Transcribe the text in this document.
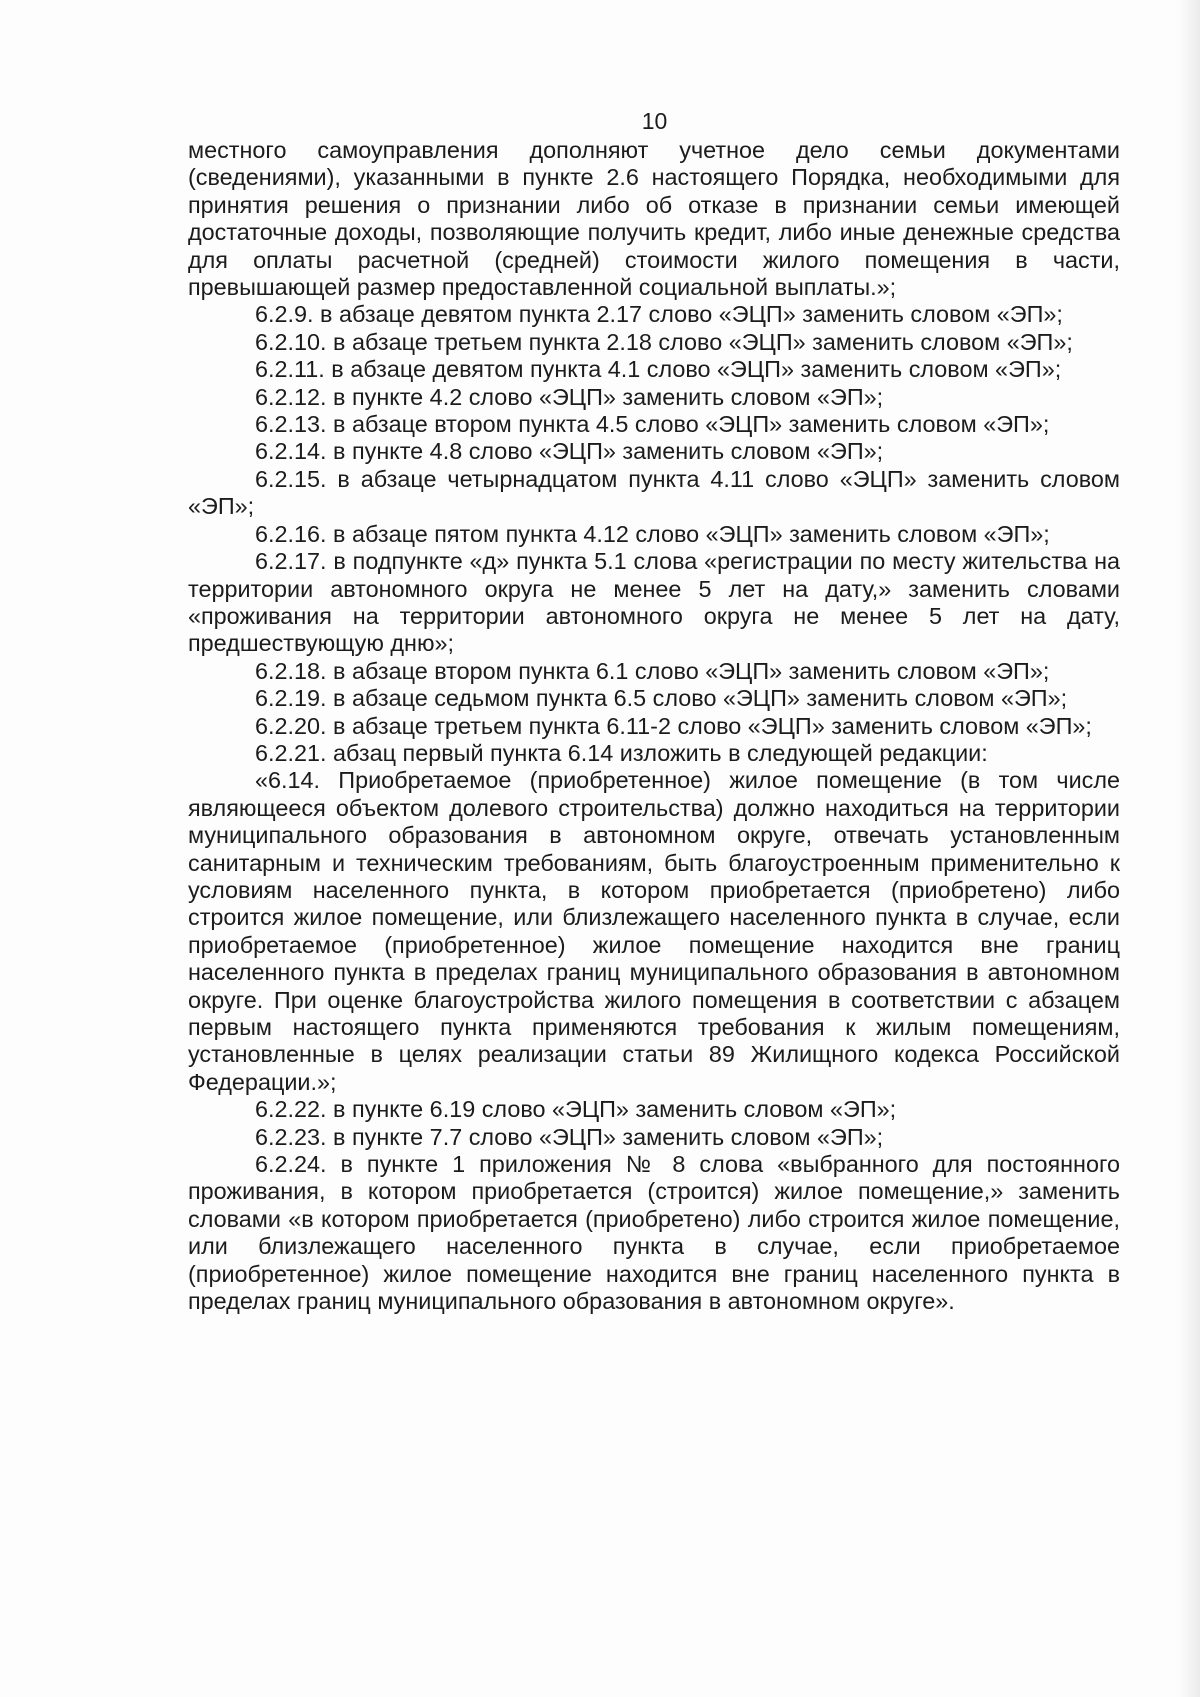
10

местного самоуправления дополняют учетное дело семьи документами (сведениями), указанными в пункте 2.6 настоящего Порядка, необходимыми для принятия решения о признании либо об отказе в признании семьи имеющей достаточные доходы, позволяющие получить кредит, либо иные денежные средства для оплаты расчетной (средней) стоимости жилого помещения в части, превышающей размер предоставленной социальной выплаты.»;

6.2.9. в абзаце девятом пункта 2.17 слово «ЭЦП» заменить словом «ЭП»;

6.2.10. в абзаце третьем пункта 2.18 слово «ЭЦП» заменить словом «ЭП»;

6.2.11. в абзаце девятом пункта 4.1 слово «ЭЦП» заменить словом «ЭП»;

6.2.12. в пункте 4.2 слово «ЭЦП» заменить словом «ЭП»;

6.2.13. в абзаце втором пункта 4.5 слово «ЭЦП» заменить словом «ЭП»;

6.2.14. в пункте 4.8 слово «ЭЦП» заменить словом «ЭП»;

6.2.15. в абзаце четырнадцатом пункта 4.11 слово «ЭЦП» заменить словом «ЭП»;

6.2.16. в абзаце пятом пункта 4.12 слово «ЭЦП» заменить словом «ЭП»;

6.2.17. в подпункте «д» пункта 5.1 слова «регистрации по месту жительства на территории автономного округа не менее 5 лет на дату,» заменить словами «проживания на территории автономного округа не менее 5 лет на дату, предшествующую дню»;

6.2.18. в абзаце втором пункта 6.1 слово «ЭЦП» заменить словом «ЭП»;

6.2.19. в абзаце седьмом пункта 6.5 слово «ЭЦП» заменить словом «ЭП»;

6.2.20. в абзаце третьем пункта 6.11-2 слово «ЭЦП» заменить словом «ЭП»;

6.2.21. абзац первый пункта 6.14 изложить в следующей редакции:

«6.14. Приобретаемое (приобретенное) жилое помещение (в том числе являющееся объектом долевого строительства) должно находиться на территории муниципального образования в автономном округе, отвечать установленным санитарным и техническим требованиям, быть благоустроенным применительно к условиям населенного пункта, в котором приобретается (приобретено) либо строится жилое помещение, или близлежащего населенного пункта в случае, если приобретаемое (приобретенное) жилое помещение находится вне границ населенного пункта в пределах границ муниципального образования в автономном округе. При оценке благоустройства жилого помещения в соответствии с абзацем первым настоящего пункта применяются требования к жилым помещениям, установленные в целях реализации статьи 89 Жилищного кодекса Российской Федерации.»;

6.2.22. в пункте 6.19 слово «ЭЦП» заменить словом «ЭП»;

6.2.23. в пункте 7.7 слово «ЭЦП» заменить словом «ЭП»;

6.2.24. в пункте 1 приложения № 8 слова «выбранного для постоянного проживания, в котором приобретается (строится) жилое помещение,» заменить словами «в котором приобретается (приобретено) либо строится жилое помещение, или близлежащего населенного пункта в случае, если приобретаемое (приобретенное) жилое помещение находится вне границ населенного пункта в пределах границ муниципального образования в автономном округе».
